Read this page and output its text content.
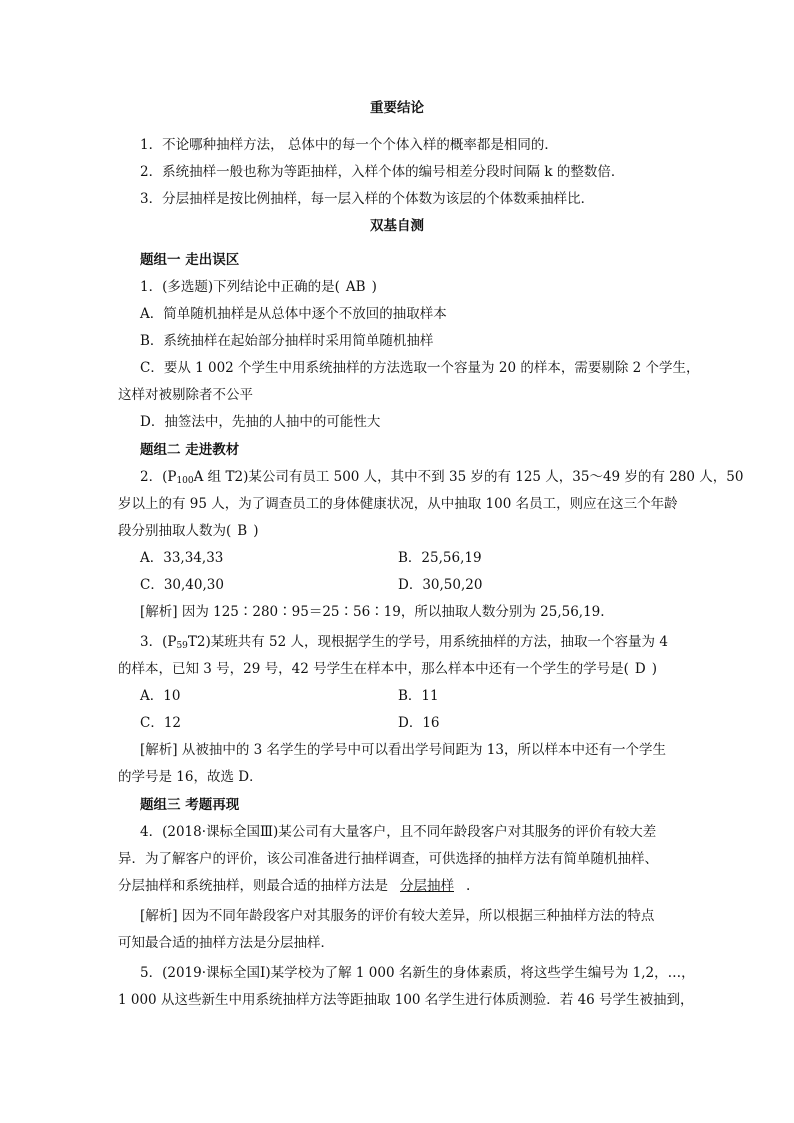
重要结论
1．不论哪种抽样方法， 总体中的每一个个体入样的概率都是相同的．
2．系统抽样一般也称为等距抽样，入样个体的编号相差分段时间隔 k 的整数倍．
3．分层抽样是按比例抽样，每一层入样的个体数为该层的个体数乘抽样比．
双基自测
题组一 走出误区
1．(多选题)下列结论中正确的是( AB )
A．简单随机抽样是从总体中逐个不放回的抽取样本
B．系统抽样在起始部分抽样时采用简单随机抽样
C．要从 1 002 个学生中用系统抽样的方法选取一个容量为 20 的样本，需要剔除 2 个学生，
这样对被剔除者不公平
D．抽签法中，先抽的人抽中的可能性大
题组二 走进教材
2．($P_{100}A$ 组 T2)某公司有员工 500 人，其中不到 35 岁的有 125 人，35～49 岁的有 280 人，50
岁以上的有 95 人，为了调查员工的身体健康状况，从中抽取 100 名员工，则应在这三个年龄
段分别抽取人数为( B )
A．33,34,33	B．25,56,19
C．30,40,30	D．30,50,20
[解析] 因为 125∶280∶95＝25∶56∶19，所以抽取人数分别为 25,56,19.
3．$(P_{59}T2)$某班共有 52 人，现根据学生的学号，用系统抽样的方法，抽取一个容量为 4
的样本，已知 3 号，29 号，42 号学生在样本中，那么样本中还有一个学生的学号是( D )
A．10	B．11
C．12	D．16
[解析] 从被抽中的 3 名学生的学号中可以看出学号间距为 13，所以样本中还有一个学生
的学号是 16，故选 D．
题组三 考题再现
4．(2018·课标全国Ⅲ)某公司有大量客户，且不同年龄段客户对其服务的评价有较大差
异．为了解客户的评价，该公司准备进行抽样调查，可供选择的抽样方法有简单随机抽样、
分层抽样和系统抽样，则最合适的抽样方法是 分层抽样 .
[解析] 因为不同年龄段客户对其服务的评价有较大差异，所以根据三种抽样方法的特点
可知最合适的抽样方法是分层抽样．
5．(2019·课标全国Ⅰ)某学校为了解 1 000 名新生的身体素质，将这些学生编号为 1,2，…，
1 000 从这些新生中用系统抽样方法等距抽取 100 名学生进行体质测验．若 46 号学生被抽到，
